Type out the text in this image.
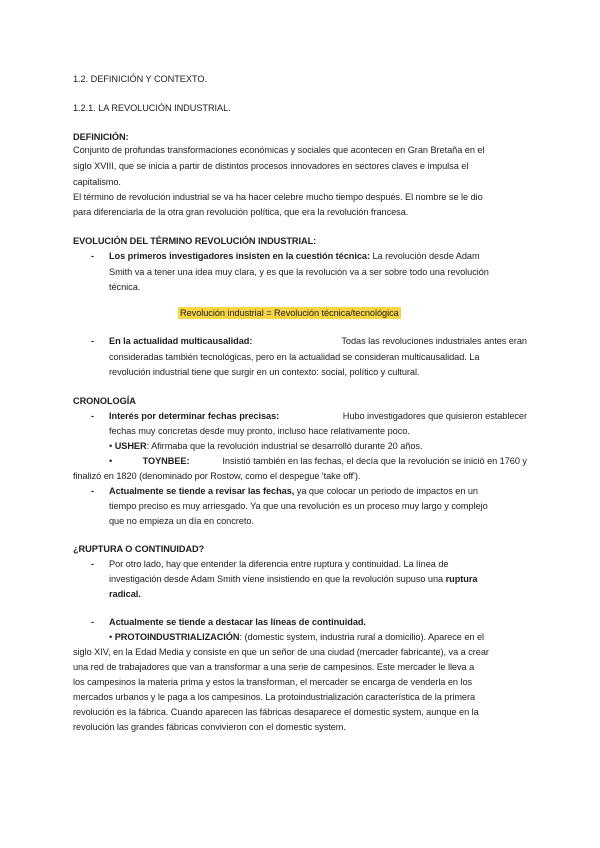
1.2. DEFINICIÓN Y CONTEXTO.
1.2.1. LA REVOLUCIÓN INDUSTRIAL.
DEFINICIÓN:
Conjunto de profundas transformaciones económicas y sociales que acontecen en Gran Bretaña en el
siglo XVIII, que se inicia a partir de distintos procesos innovadores en sectores claves e impulsa el
capitalismo.
El término de revolución industrial se va ha hacer celebre mucho tiempo después. El nombre se le dio
para diferenciarla de la otra gran revolución política, que era la revolución francesa.
EVOLUCIÓN DEL TÉRMINO REVOLUCIÓN INDUSTRIAL:
- Los primeros investigadores insisten en la cuestión técnica: La revolución desde Adam
Smith va a tener una idea muy clara, y es que la revolución va a ser sobre todo una revolución
técnica.
Revolución industrial = Revolución técnica/tecnológica
- En la actualidad multicausalidad:	Todas las revoluciones industriales antes eran
consideradas también tecnológicas, pero en la actualidad se consideran multicausalidad. La
revolución industrial tiene que surgir en un contexto: social, político y cultural.
CRONOLOGÍA
- Interés por determinar fechas precisas:	Hubo investigadores que quisieron establecer
fechas muy concretas desde muy pronto, incluso hace relativamente poco.
• USHER: Afirmaba que la revolución industrial se desarrolló durante 20 años.
•	TOYNBEE:	Insistió también en las fechas, el decía que la revolución se inició en 1760 y
finalizó en 1820 (denominado por Rostow, como el despegue 'take off').
- Actualmente se tiende a revisar las fechas, ya que colocar un periodo de impactos en un
tiempo preciso es muy arriesgado. Ya que una revolución es un proceso muy largo y complejo
que no empieza un día en concreto.
¿RUPTURA O CONTINUIDAD?
- Por otro lado, hay que entender la diferencia entre ruptura y continuidad. La línea de
investigación desde Adam Smith viene insistiendo en que la revolución supuso una ruptura
radical.
- Actualmente se tiende a destacar las líneas de continuidad.
• PROTOINDUSTRIALIZACIÓN: (domestic system, industria rural a domicilio). Aparece en el
siglo XIV, en la Edad Media y consiste en que un señor de una ciudad (mercader fabricante), va a crear
una red de trabajadores que van a transformar a una serie de campesinos. Este mercader le lleva a
los campesinos la materia prima y estos la transforman, el mercader se encarga de venderla en los
mercados urbanos y le paga a los campesinos. La protoindustrialización característica de la primera
revolución es la fábrica. Cuando aparecen las fábricas desaparece el domestic system, aunque en la
revolución las grandes fábricas convivieron con el domestic system.
